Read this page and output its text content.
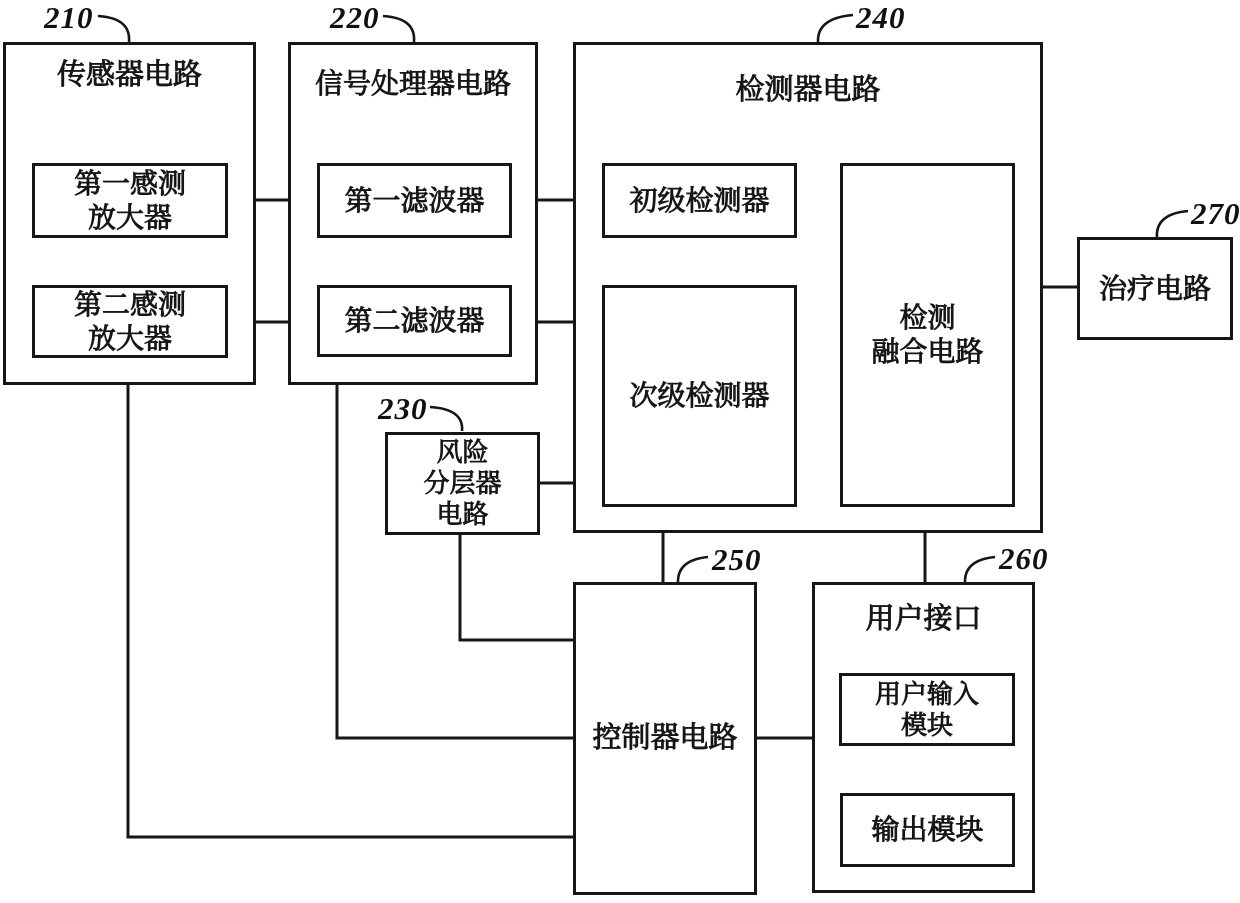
210	220	240
270
230
250	260
传感器电路	信号处理器电路	检测器电路
用户接口
第一感测
放大器
第二感测
放大器
第一滤波器
第二滤波器
初级检测器
次级检测器
检测
融合电路
风险
分层器
电路
治疗电路
控制器电路
用户输入
模块
输出模块
